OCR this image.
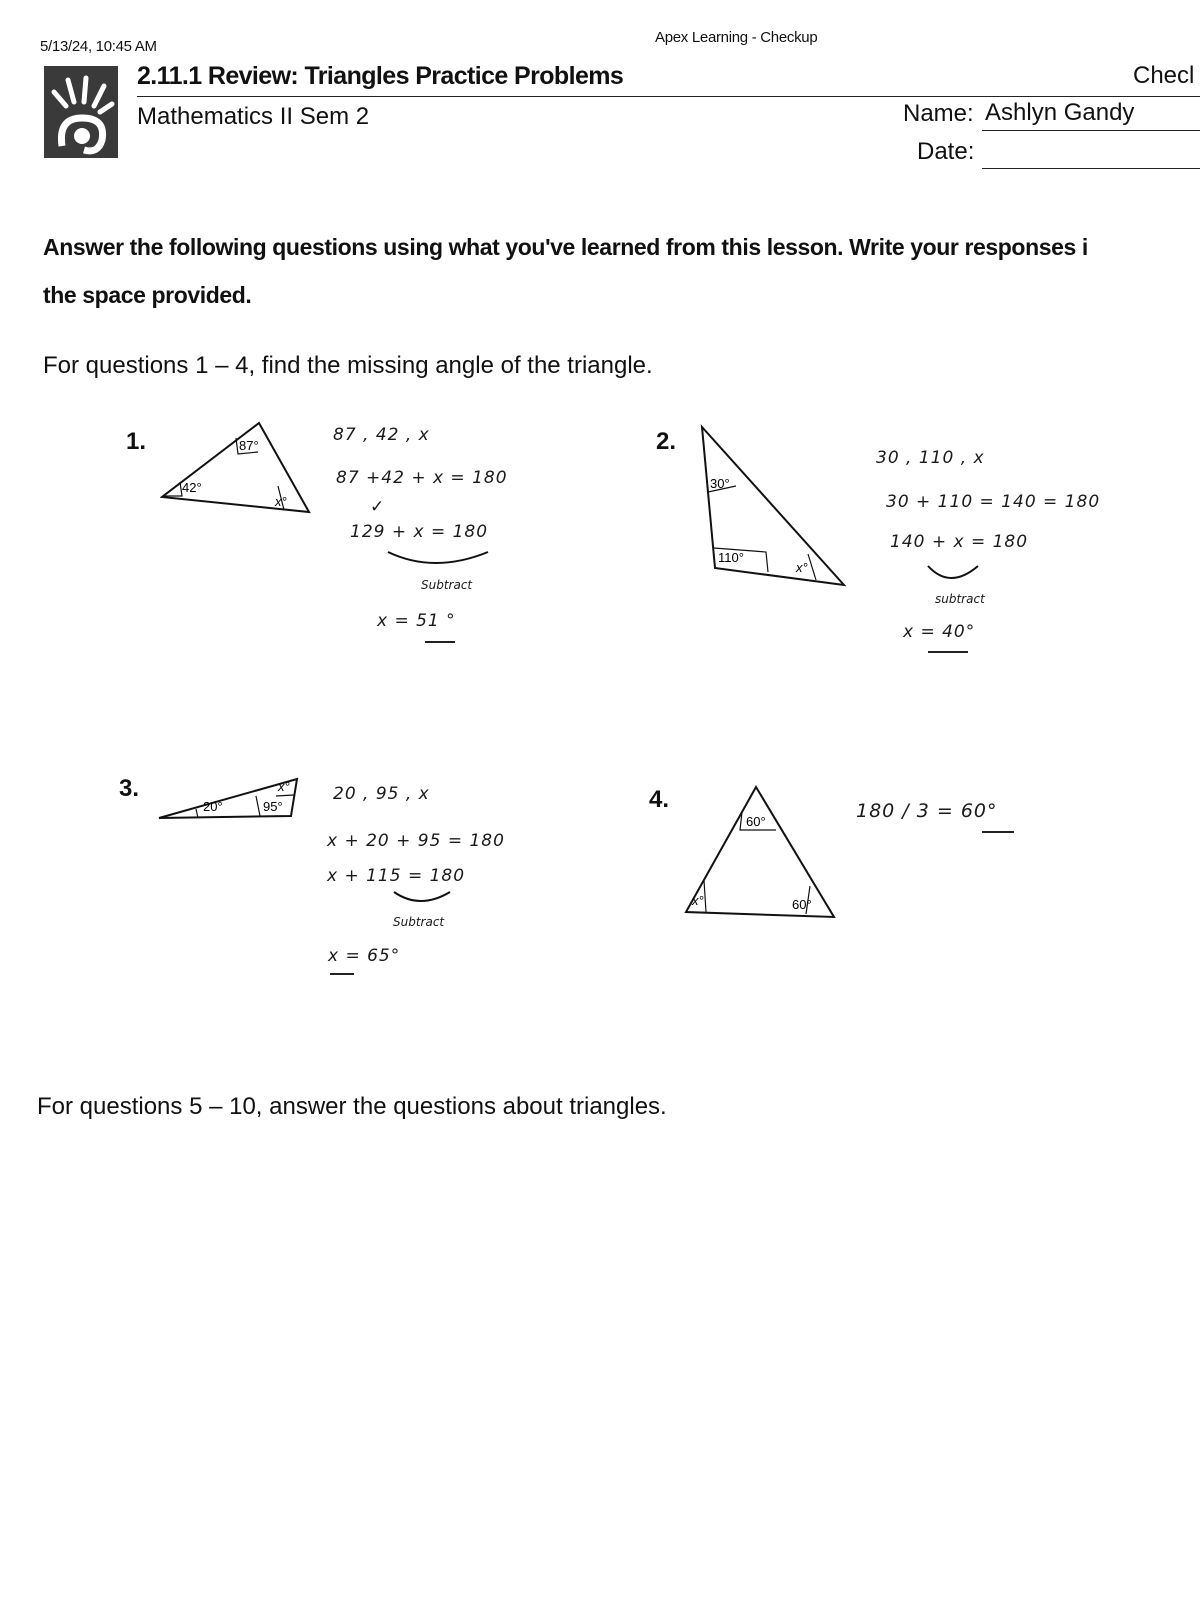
5/13/24, 10:45 AM
Apex Learning - Checkup
2.11.1 Review: Triangles Practice Problems	Checl
Mathematics II Sem 2	Name: Ashlyn Gandy
Date:
Answer the following questions using what you've learned from this lesson. Write your responses i
the space provided.
For questions 1 – 4, find the missing angle of the triangle.
1.	87°
42°
x°
87 , 42 , x
87 +42 + x = 180
✓
129 + x = 180
Subtract
x = 51 °
2.
30°
110°
x°
30 , 110 , x
30 + 110 = 140 = 180
140 + x = 180
subtract
x = 40°
3.
20°	95°
x°	20 , 95 , x
x + 20 + 95 = 180
x + 115 = 180
Subtract
x = 65°
4.
60°
x°	60°
180 / 3 = 60°
For questions 5 – 10, answer the questions about triangles.
